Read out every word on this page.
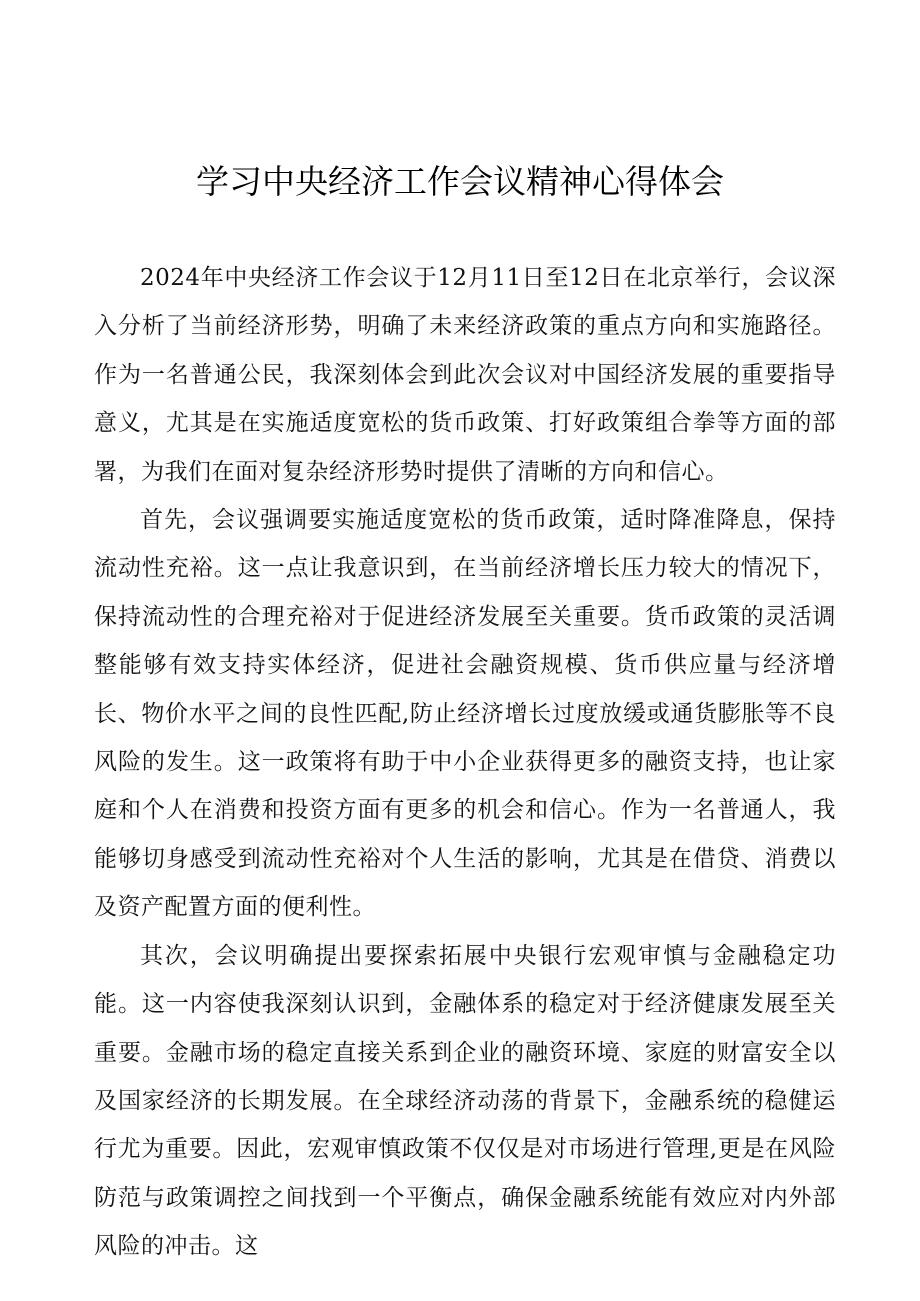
学习中央经济工作会议精神心得体会

2024年中央经济工作会议于12月11日至12日在北京举行，会议深入分析了当前经济形势，明确了未来经济政策的重点方向和实施路径。作为一名普通公民，我深刻体会到此次会议对中国经济发展的重要指导意义，尤其是在实施适度宽松的货币政策、打好政策组合拳等方面的部署，为我们在面对复杂经济形势时提供了清晰的方向和信心。

首先，会议强调要实施适度宽松的货币政策，适时降准降息，保持流动性充裕。这一点让我意识到，在当前经济增长压力较大的情况下，保持流动性的合理充裕对于促进经济发展至关重要。货币政策的灵活调整能够有效支持实体经济，促进社会融资规模、货币供应量与经济增长、物价水平之间的良性匹配,防止经济增长过度放缓或通货膨胀等不良风险的发生。这一政策将有助于中小企业获得更多的融资支持，也让家庭和个人在消费和投资方面有更多的机会和信心。作为一名普通人，我能够切身感受到流动性充裕对个人生活的影响，尤其是在借贷、消费以及资产配置方面的便利性。

其次，会议明确提出要探索拓展中央银行宏观审慎与金融稳定功能。这一内容使我深刻认识到，金融体系的稳定对于经济健康发展至关重要。金融市场的稳定直接关系到企业的融资环境、家庭的财富安全以及国家经济的长期发展。在全球经济动荡的背景下，金融系统的稳健运行尤为重要。因此，宏观审慎政策不仅仅是对市场进行管理,更是在风险防范与政策调控之间找到一个平衡点，确保金融系统能有效应对内外部风险的冲击。这
